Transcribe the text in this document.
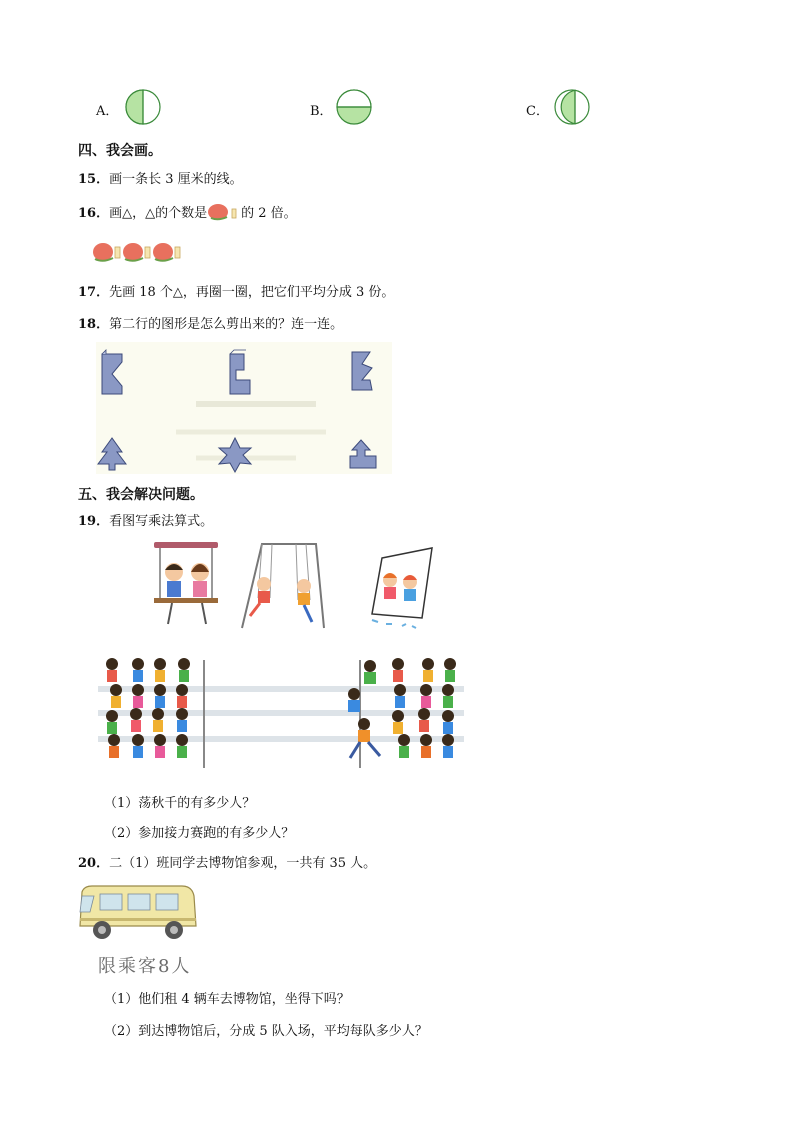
A．	B．	C．
四、我会画。
15．画一条长 3 厘米的线。
16．画△，△的个数是	的 2 倍。
17．先画 18 个△，再圈一圈，把它们平均分成 3 份。
18．第二行的图形是怎么剪出来的？连一连。
五、我会解决问题。
19．看图写乘法算式。
（1）荡秋千的有多少人？
（2）参加接力赛跑的有多少人？
20．二（1）班同学去博物馆参观，一共有 35 人。
限乘客8人
（1）他们租 4 辆车去博物馆，坐得下吗？
（2）到达博物馆后，分成 5 队入场，平均每队多少人？
